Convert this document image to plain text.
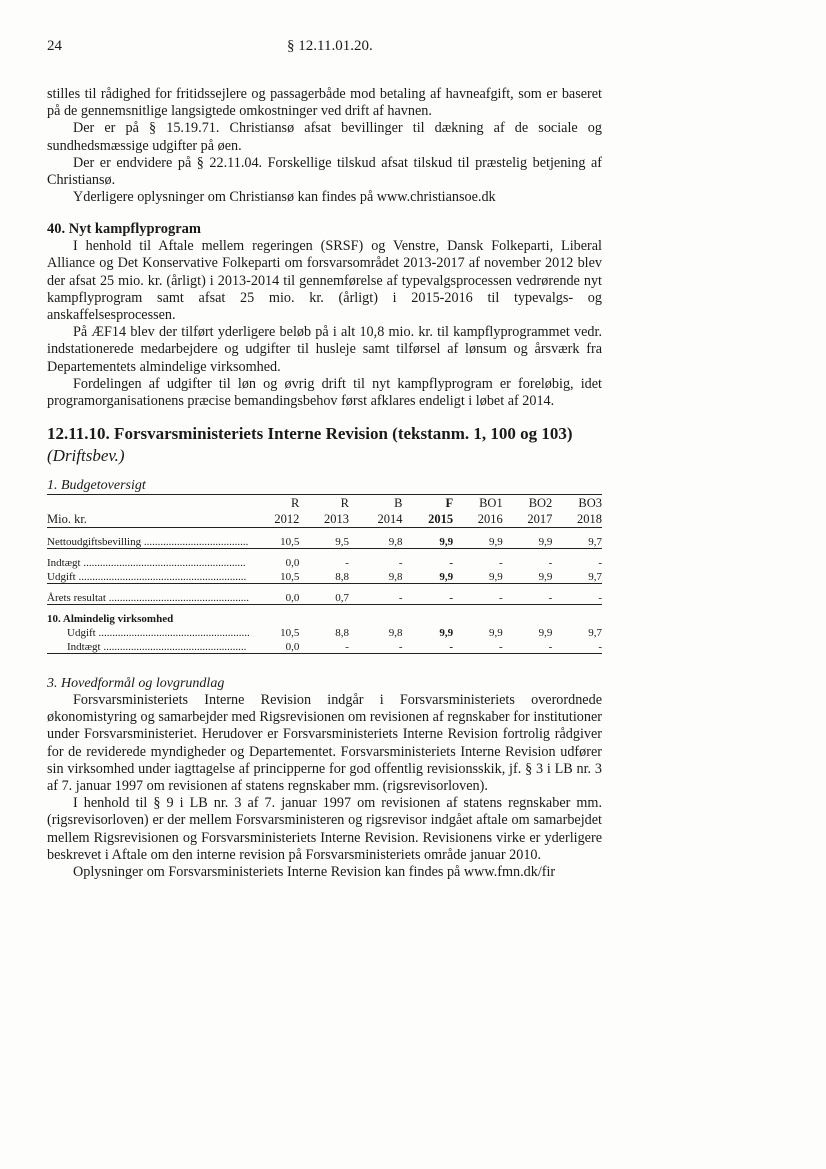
24	§ 12.11.01.20.

stilles til rådighed for fritidssejlere og passagerbåde mod betaling af havneafgift, som er baseret på de gennemsnitlige langsigtede omkostninger ved drift af havnen.

Der er på § 15.19.71. Christiansø afsat bevillinger til dækning af de sociale og sundhedsmæssige udgifter på øen.

Der er endvidere på § 22.11.04. Forskellige tilskud afsat tilskud til præstelig betjening af Christiansø.

Yderligere oplysninger om Christiansø kan findes på www.christiansoe.dk

40. Nyt kampflyprogram

I henhold til Aftale mellem regeringen (SRSF) og Venstre, Dansk Folkeparti, Liberal Alliance og Det Konservative Folkeparti om forsvarsområdet 2013-2017 af november 2012 blev der afsat 25 mio. kr. (årligt) i 2013-2014 til gennemførelse af typevalgsprocessen vedrørende nyt kampflyprogram samt afsat 25 mio. kr. (årligt) i 2015-2016 til typevalgs- og anskaffelsesprocessen.

På ÆF14 blev der tilført yderligere beløb på i alt 10,8 mio. kr. til kampflyprogrammet vedr. indstationerede medarbejdere og udgifter til husleje samt tilførsel af lønsum og årsværk fra Departementets almindelige virksomhed.

Fordelingen af udgifter til løn og øvrig drift til nyt kampflyprogram er foreløbig, idet programorganisationens præcise bemandingsbehov først afklares endeligt i løbet af 2014.

12.11.10. Forsvarsministeriets Interne Revision (tekstanm. 1, 100 og 103) (Driftsbev.)
1. Budgetoversigt
	R	R	B	F	BO1	BO2	BO3
Mio. kr.	2012	2013	2014	2015	2016	2017	2018

Nettoudgiftsbevilling ......................................	10,5	9,5	9,8	9,9	9,9	9,9	9,7

Indtægt ...........................................................	0,0	-	-	-	-	-	-
Udgift .............................................................	10,5	8,8	9,8	9,9	9,9	9,9	9,7

Årets resultat ...................................................	0,0	0,7	-	-	-	-	-

10. Almindelig virksomhed							
Udgift .......................................................	10,5	8,8	9,8	9,9	9,9	9,9	9,7
Indtægt ....................................................	0,0	-	-	-	-	-	-
3. Hovedformål og lovgrundlag

Forsvarsministeriets Interne Revision indgår i Forsvarsministeriets overordnede økonomistyring og samarbejder med Rigsrevisionen om revisionen af regnskaber for institutioner under Forsvarsministeriet. Herudover er Forsvarsministeriets Interne Revision fortrolig rådgiver for de reviderede myndigheder og Departementet. Forsvarsministeriets Interne Revision udfører sin virksomhed under iagttagelse af principperne for god offentlig revisionsskik, jf. § 3 i LB nr. 3 af 7. januar 1997 om revisionen af statens regnskaber mm. (rigsrevisorloven).

I henhold til § 9 i LB nr. 3 af 7. januar 1997 om revisionen af statens regnskaber mm. (rigsrevisorloven) er der mellem Forsvarsministeren og rigsrevisor indgået aftale om samarbejdet mellem Rigsrevisionen og Forsvarsministeriets Interne Revision. Revisionens virke er yderligere beskrevet i Aftale om den interne revision på Forsvarsministeriets område januar 2010.

Oplysninger om Forsvarsministeriets Interne Revision kan findes på www.fmn.dk/fir
